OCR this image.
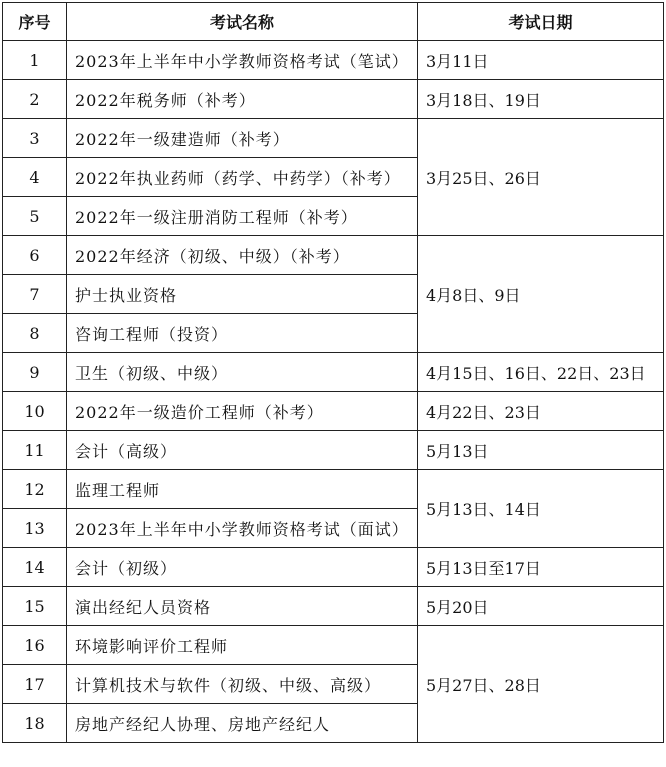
序号	考试名称	考试日期
1	2023年上半年中小学教师资格考试（笔试）	3月11日
2	2022年税务师（补考）	3月18日、19日
3	2022年一级建造师（补考）	3月25日、26日
4	2022年执业药师（药学、中药学）（补考）	
5	2022年一级注册消防工程师（补考）	
6	2022年经济（初级、中级）（补考）	4月8日、9日
7	护士执业资格	
8	咨询工程师（投资）	
9	卫生（初级、中级）	4月15日、16日、22日、23日
10	2022年一级造价工程师（补考）	4月22日、23日
11	会计（高级）	5月13日
12	监理工程师	5月13日、14日
13	2023年上半年中小学教师资格考试（面试）	
14	会计（初级）	5月13日至17日
15	演出经纪人员资格	5月20日
16	环境影响评价工程师	5月27日、28日
17	计算机技术与软件（初级、中级、高级）	
18	房地产经纪人协理、房地产经纪人	
